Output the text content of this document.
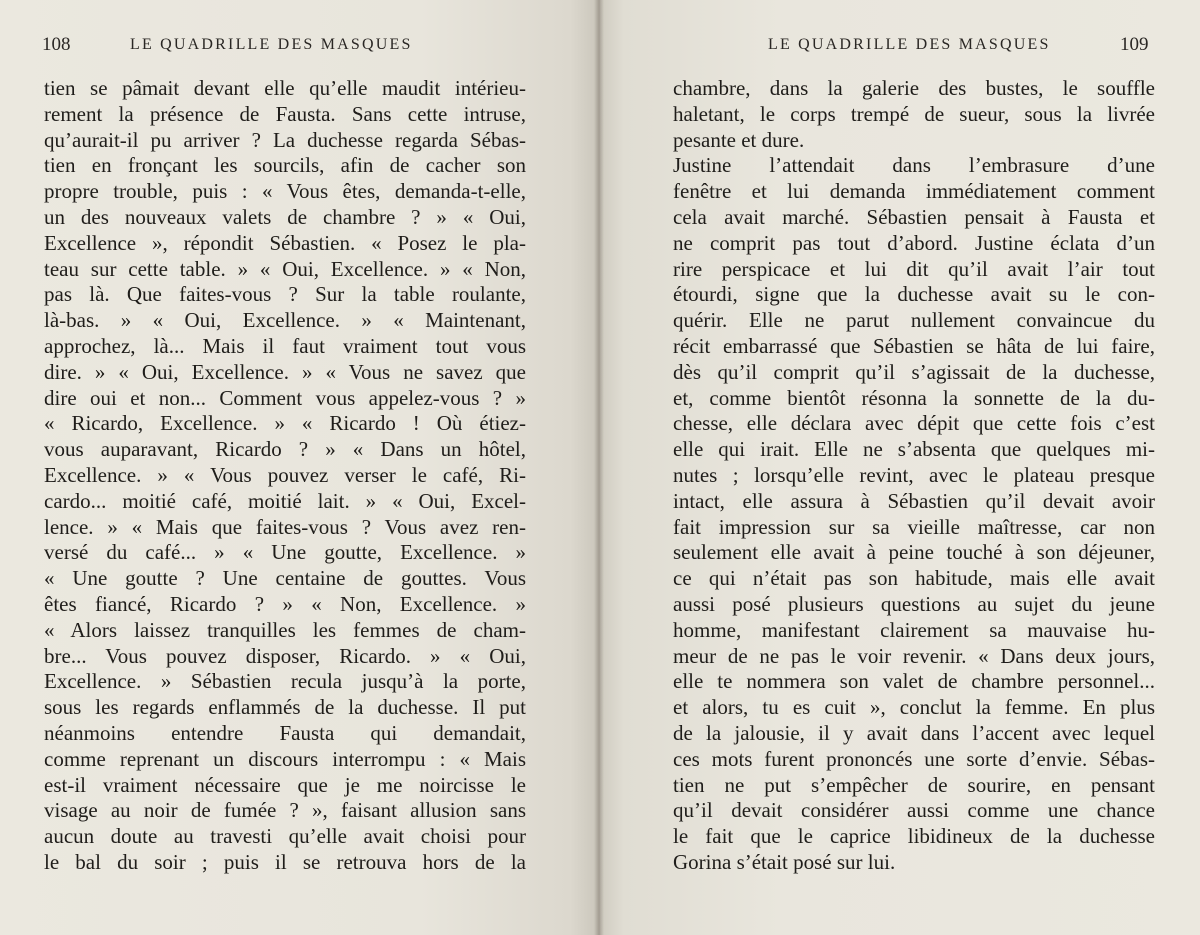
108	LE QUADRILLE DES MASQUES
tien se pâmait devant elle qu’elle maudit intérieu-
rement la présence de Fausta. Sans cette intruse,
qu’aurait-il pu arriver ? La duchesse regarda Sébas-
tien en fronçant les sourcils, afin de cacher son
propre trouble, puis : « Vous êtes, demanda-t-elle,
un des nouveaux valets de chambre ? » « Oui,
Excellence », répondit Sébastien. « Posez le pla-
teau sur cette table. » « Oui, Excellence. » « Non,
pas là. Que faites-vous ? Sur la table roulante,
là-bas. » « Oui, Excellence. » « Maintenant,
approchez, là... Mais il faut vraiment tout vous
dire. » « Oui, Excellence. » « Vous ne savez que
dire oui et non... Comment vous appelez-vous ? »
« Ricardo, Excellence. » « Ricardo ! Où étiez-
vous auparavant, Ricardo ? » « Dans un hôtel,
Excellence. » « Vous pouvez verser le café, Ri-
cardo... moitié café, moitié lait. » « Oui, Excel-
lence. » « Mais que faites-vous ? Vous avez ren-
versé du café... » « Une goutte, Excellence. »
« Une goutte ? Une centaine de gouttes. Vous
êtes fiancé, Ricardo ? » « Non, Excellence. »
« Alors laissez tranquilles les femmes de cham-
bre... Vous pouvez disposer, Ricardo. » « Oui,
Excellence. » Sébastien recula jusqu’à la porte,
sous les regards enflammés de la duchesse. Il put
néanmoins entendre Fausta qui demandait,
comme reprenant un discours interrompu : « Mais
est-il vraiment nécessaire que je me noircisse le
visage au noir de fumée ? », faisant allusion sans
aucun doute au travesti qu’elle avait choisi pour
le bal du soir ; puis il se retrouva hors de la
LE QUADRILLE DES MASQUES	109
chambre, dans la galerie des bustes, le souffle
haletant, le corps trempé de sueur, sous la livrée
pesante et dure.
Justine l’attendait dans l’embrasure d’une
fenêtre et lui demanda immédiatement comment
cela avait marché. Sébastien pensait à Fausta et
ne comprit pas tout d’abord. Justine éclata d’un
rire perspicace et lui dit qu’il avait l’air tout
étourdi, signe que la duchesse avait su le con-
quérir. Elle ne parut nullement convaincue du
récit embarrassé que Sébastien se hâta de lui faire,
dès qu’il comprit qu’il s’agissait de la duchesse,
et, comme bientôt résonna la sonnette de la du-
chesse, elle déclara avec dépit que cette fois c’est
elle qui irait. Elle ne s’absenta que quelques mi-
nutes ; lorsqu’elle revint, avec le plateau presque
intact, elle assura à Sébastien qu’il devait avoir
fait impression sur sa vieille maîtresse, car non
seulement elle avait à peine touché à son déjeuner,
ce qui n’était pas son habitude, mais elle avait
aussi posé plusieurs questions au sujet du jeune
homme, manifestant clairement sa mauvaise hu-
meur de ne pas le voir revenir. « Dans deux jours,
elle te nommera son valet de chambre personnel...
et alors, tu es cuit », conclut la femme. En plus
de la jalousie, il y avait dans l’accent avec lequel
ces mots furent prononcés une sorte d’envie. Sébas-
tien ne put s’empêcher de sourire, en pensant
qu’il devait considérer aussi comme une chance
le fait que le caprice libidineux de la duchesse
Gorina s’était posé sur lui.
